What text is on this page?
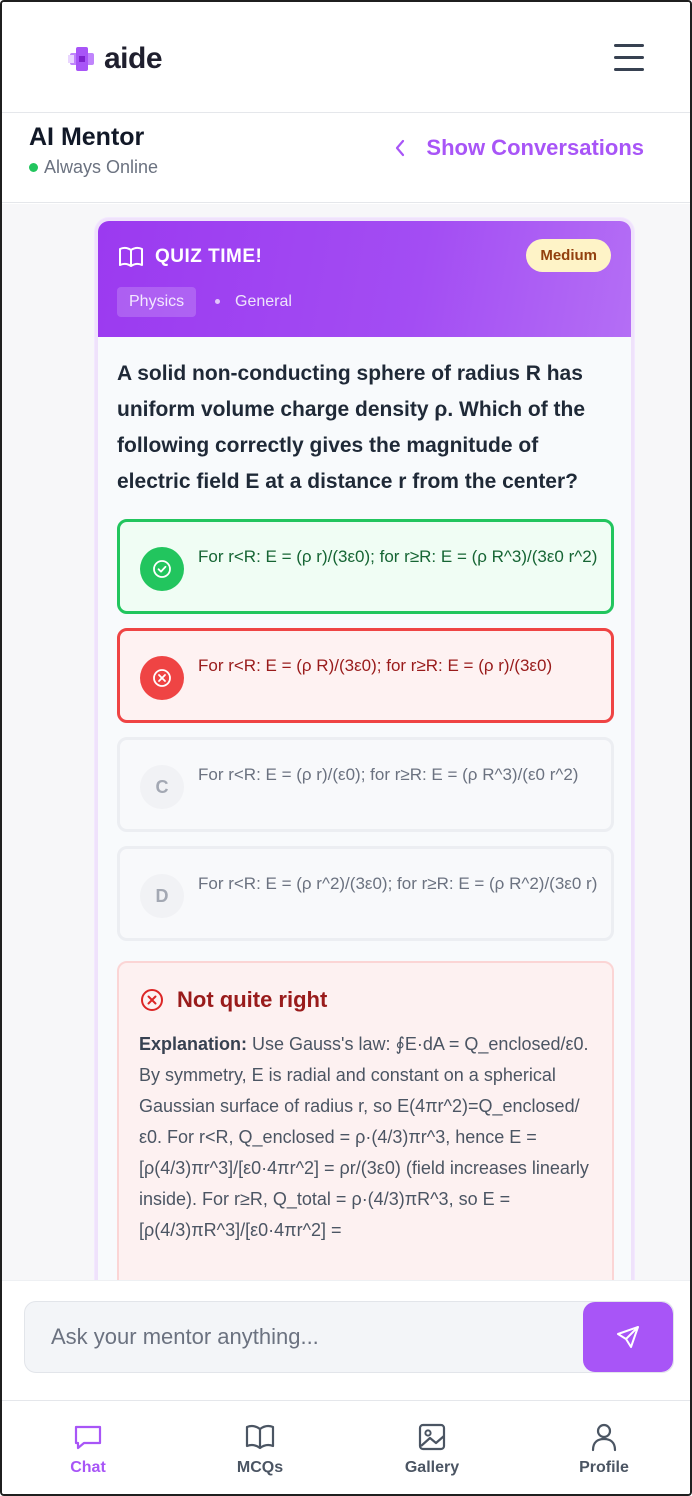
aide
AI Mentor
Always Online
Show Conversations
QUIZ TIME!	Medium
Physics	General
A solid non-conducting sphere of radius R has uniform volume charge density ρ. Which of the following correctly gives the magnitude of electric field E at a distance r from the center?
For r<R: E = (ρ r)/(3ε0); for r≥R: E = (ρ R^3)/(3ε0 r^2)
For r<R: E = (ρ R)/(3ε0); for r≥R: E = (ρ r)/(3ε0)
C
For r<R: E = (ρ r)/(ε0); for r≥R: E = (ρ R^3)/(ε0 r^2)
D
For r<R: E = (ρ r^2)/(3ε0); for r≥R: E = (ρ R^2)/(3ε0 r)
Not quite right
Explanation: Use Gauss's law: ∮E·dA = Q_enclosed/ε0. By symmetry, E is radial and constant on a spherical Gaussian surface of radius r, so E(4πr^2)=Q_enclosed/ε0. For r<R, Q_enclosed = ρ·(4/3)πr^3, hence E = [ρ(4/3)πr^3]/[ε0·4πr^2] = ρr/(3ε0) (field increases linearly inside). For r≥R, Q_total = ρ·(4/3)πR^3, so E = [ρ(4/3)πR^3]/[ε0·4πr^2] =
Ask your mentor anything...
Chat	MCQs	Gallery	Profile
